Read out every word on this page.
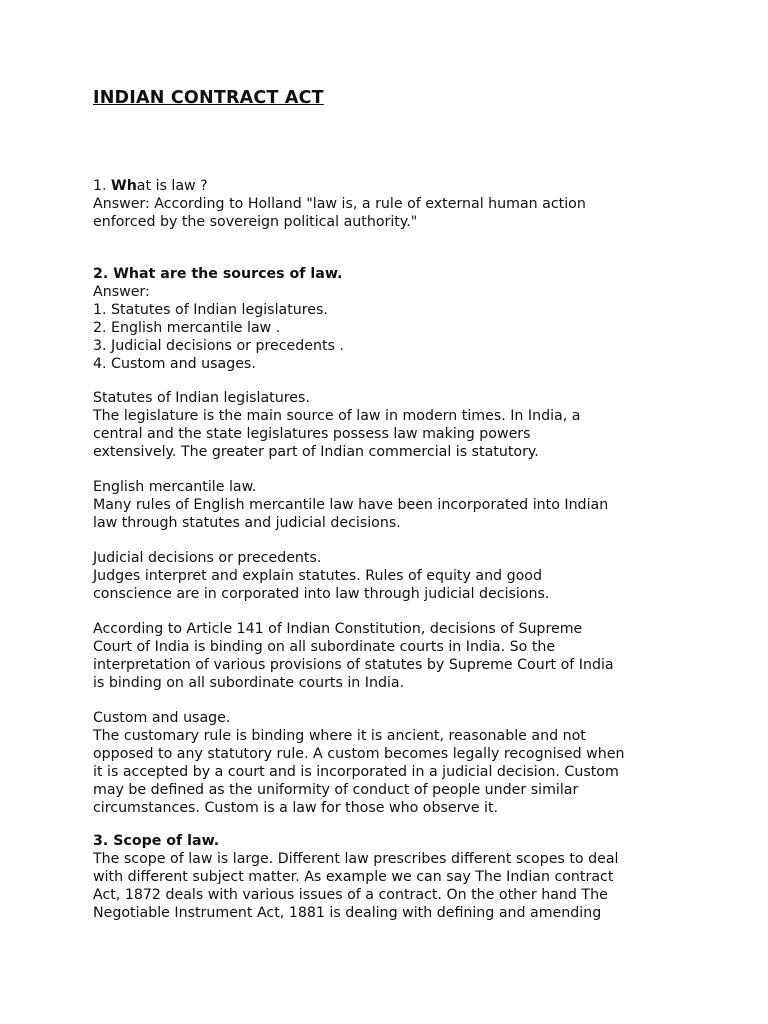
INDIAN CONTRACT ACT
1. What is law ?
Answer: According to Holland "law is, a rule of external human action
enforced by the sovereign political authority."
2. What are the sources of law.
Answer:
1. Statutes of Indian legislatures.
2. English mercantile law .
3. Judicial decisions or precedents .
4. Custom and usages.
Statutes of Indian legislatures.
The legislature is the main source of law in modern times. In India, a
central and the state legislatures possess law making powers
extensively. The greater part of Indian commercial is statutory.
English mercantile law.
Many rules of English mercantile law have been incorporated into Indian
law through statutes and judicial decisions.
Judicial decisions or precedents.
Judges interpret and explain statutes. Rules of equity and good
conscience are in corporated into law through judicial decisions.
According to Article 141 of Indian Constitution, decisions of Supreme
Court of India is binding on all subordinate courts in India. So the
interpretation of various provisions of statutes by Supreme Court of India
is binding on all subordinate courts in India.
Custom and usage.
The customary rule is binding where it is ancient, reasonable and not
opposed to any statutory rule. A custom becomes legally recognised when
it is accepted by a court and is incorporated in a judicial decision. Custom
may be defined as the uniformity of conduct of people under similar
circumstances. Custom is a law for those who observe it.
3. Scope of law.
The scope of law is large. Different law prescribes different scopes to deal
with different subject matter. As example we can say The Indian contract
Act, 1872 deals with various issues of a contract. On the other hand The
Negotiable Instrument Act, 1881 is dealing with defining and amending
